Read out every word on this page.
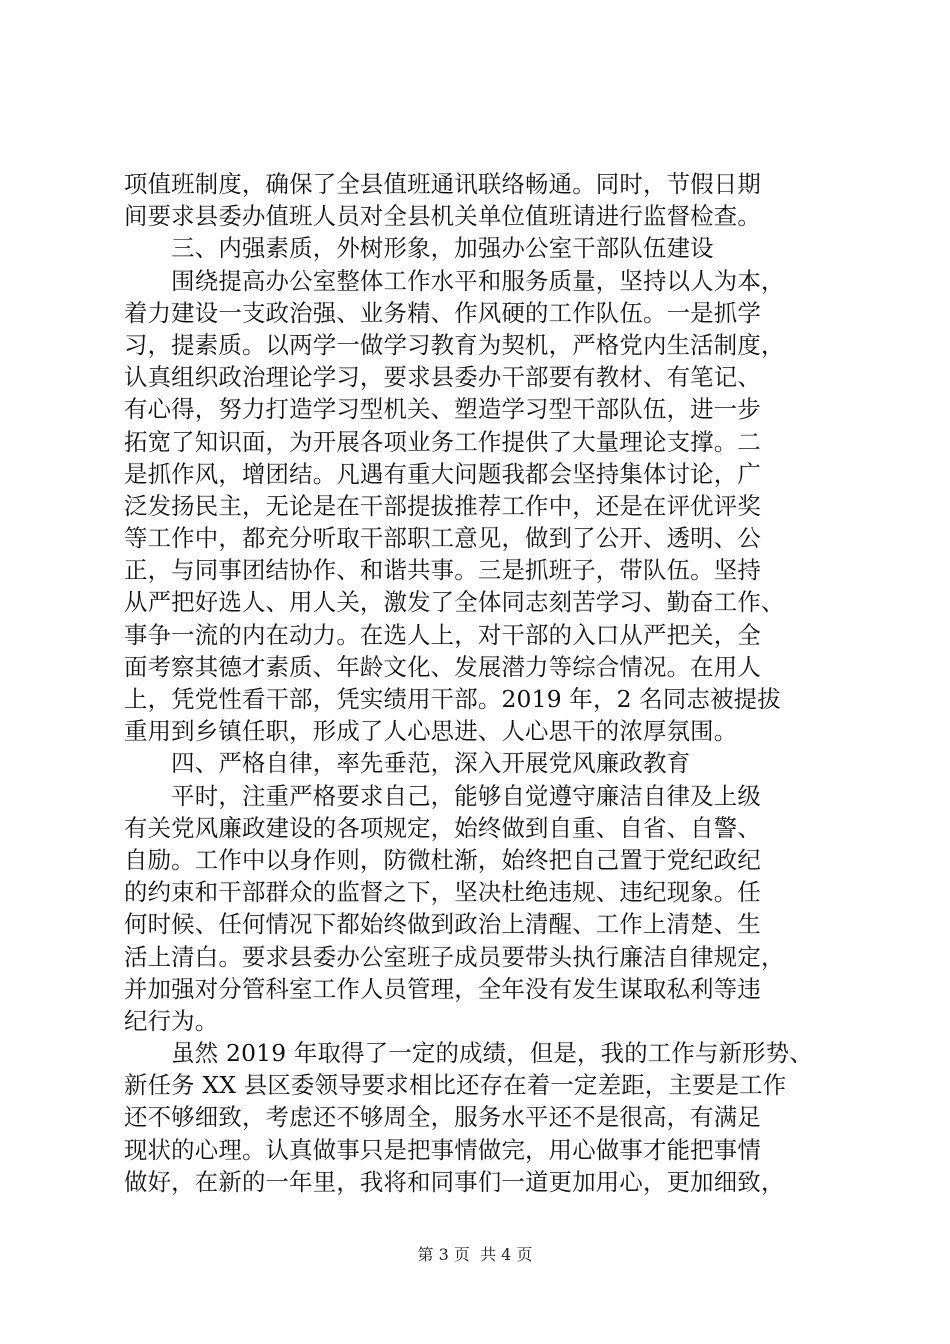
项值班制度，确保了全县值班通讯联络畅通。同时，节假日期
间要求县委办值班人员对全县机关单位值班请进行监督检查。
　　三、内强素质，外树形象，加强办公室干部队伍建设
　　围绕提高办公室整体工作水平和服务质量，坚持以人为本，
着力建设一支政治强、业务精、作风硬的工作队伍。一是抓学
习，提素质。以两学一做学习教育为契机，严格党内生活制度，
认真组织政治理论学习，要求县委办干部要有教材、有笔记、
有心得，努力打造学习型机关、塑造学习型干部队伍，进一步
拓宽了知识面，为开展各项业务工作提供了大量理论支撑。二
是抓作风，增团结。凡遇有重大问题我都会坚持集体讨论，广
泛发扬民主，无论是在干部提拔推荐工作中，还是在评优评奖
等工作中，都充分听取干部职工意见，做到了公开、透明、公
正，与同事团结协作、和谐共事。三是抓班子，带队伍。坚持
从严把好选人、用人关，激发了全体同志刻苦学习、勤奋工作、
事争一流的内在动力。在选人上，对干部的入口从严把关，全
面考察其德才素质、年龄文化、发展潜力等综合情况。在用人
上，凭党性看干部，凭实绩用干部。2019 年，2 名同志被提拔
重用到乡镇任职，形成了人心思进、人心思干的浓厚氛围。
　　四、严格自律，率先垂范，深入开展党风廉政教育
　　平时，注重严格要求自己，能够自觉遵守廉洁自律及上级
有关党风廉政建设的各项规定，始终做到自重、自省、自警、
自励。工作中以身作则，防微杜渐，始终把自己置于党纪政纪
的约束和干部群众的监督之下，坚决杜绝违规、违纪现象。任
何时候、任何情况下都始终做到政治上清醒、工作上清楚、生
活上清白。要求县委办公室班子成员要带头执行廉洁自律规定，
并加强对分管科室工作人员管理，全年没有发生谋取私利等违
纪行为。
　　虽然 2019 年取得了一定的成绩，但是，我的工作与新形势、
新任务 XX 县区委领导要求相比还存在着一定差距，主要是工作
还不够细致，考虑还不够周全，服务水平还不是很高，有满足
现状的心理。认真做事只是把事情做完，用心做事才能把事情
做好，在新的一年里，我将和同事们一道更加用心，更加细致，
第 3 页  共 4 页
